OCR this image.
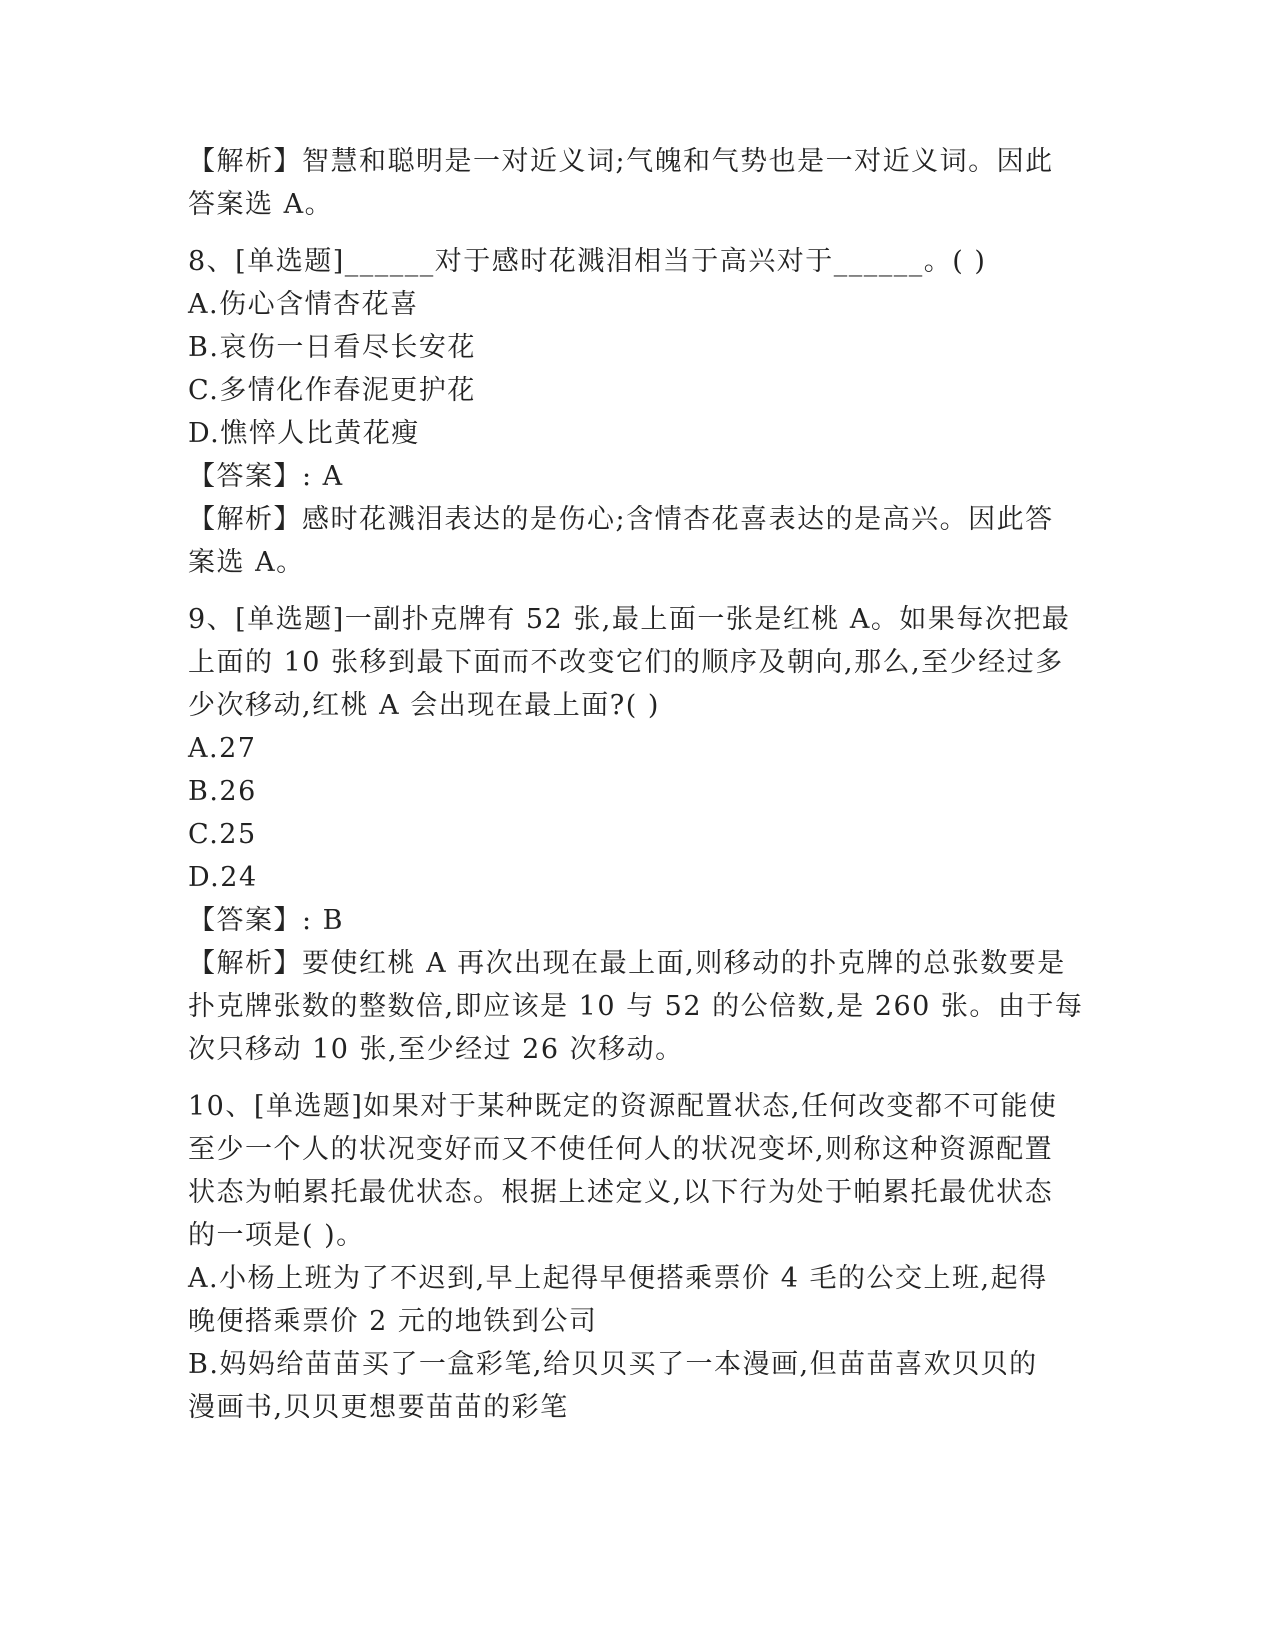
【解析】智慧和聪明是一对近义词;气魄和气势也是一对近义词。因此
答案选 A。

8、[单选题]______对于感时花溅泪相当于高兴对于______。( )

A.伤心含情杏花喜

B.哀伤一日看尽长安花

C.多情化作春泥更护花

D.憔悴人比黄花瘦

【答案】: A

【解析】感时花溅泪表达的是伤心;含情杏花喜表达的是高兴。因此答
案选 A。

9、[单选题]一副扑克牌有 52 张,最上面一张是红桃 A。如果每次把最
上面的 10 张移到最下面而不改变它们的顺序及朝向,那么,至少经过多
少次移动,红桃 A 会出现在最上面?( )

A.27

B.26

C.25

D.24

【答案】: B

【解析】要使红桃 A 再次出现在最上面,则移动的扑克牌的总张数要是
扑克牌张数的整数倍,即应该是 10 与 52 的公倍数,是 260 张。由于每
次只移动 10 张,至少经过 26 次移动。

10、[单选题]如果对于某种既定的资源配置状态,任何改变都不可能使
至少一个人的状况变好而又不使任何人的状况变坏,则称这种资源配置
状态为帕累托最优状态。根据上述定义,以下行为处于帕累托最优状态
的一项是( )。

A.小杨上班为了不迟到,早上起得早便搭乘票价 4 毛的公交上班,起得
晚便搭乘票价 2 元的地铁到公司

B.妈妈给苗苗买了一盒彩笔,给贝贝买了一本漫画,但苗苗喜欢贝贝的
漫画书,贝贝更想要苗苗的彩笔
